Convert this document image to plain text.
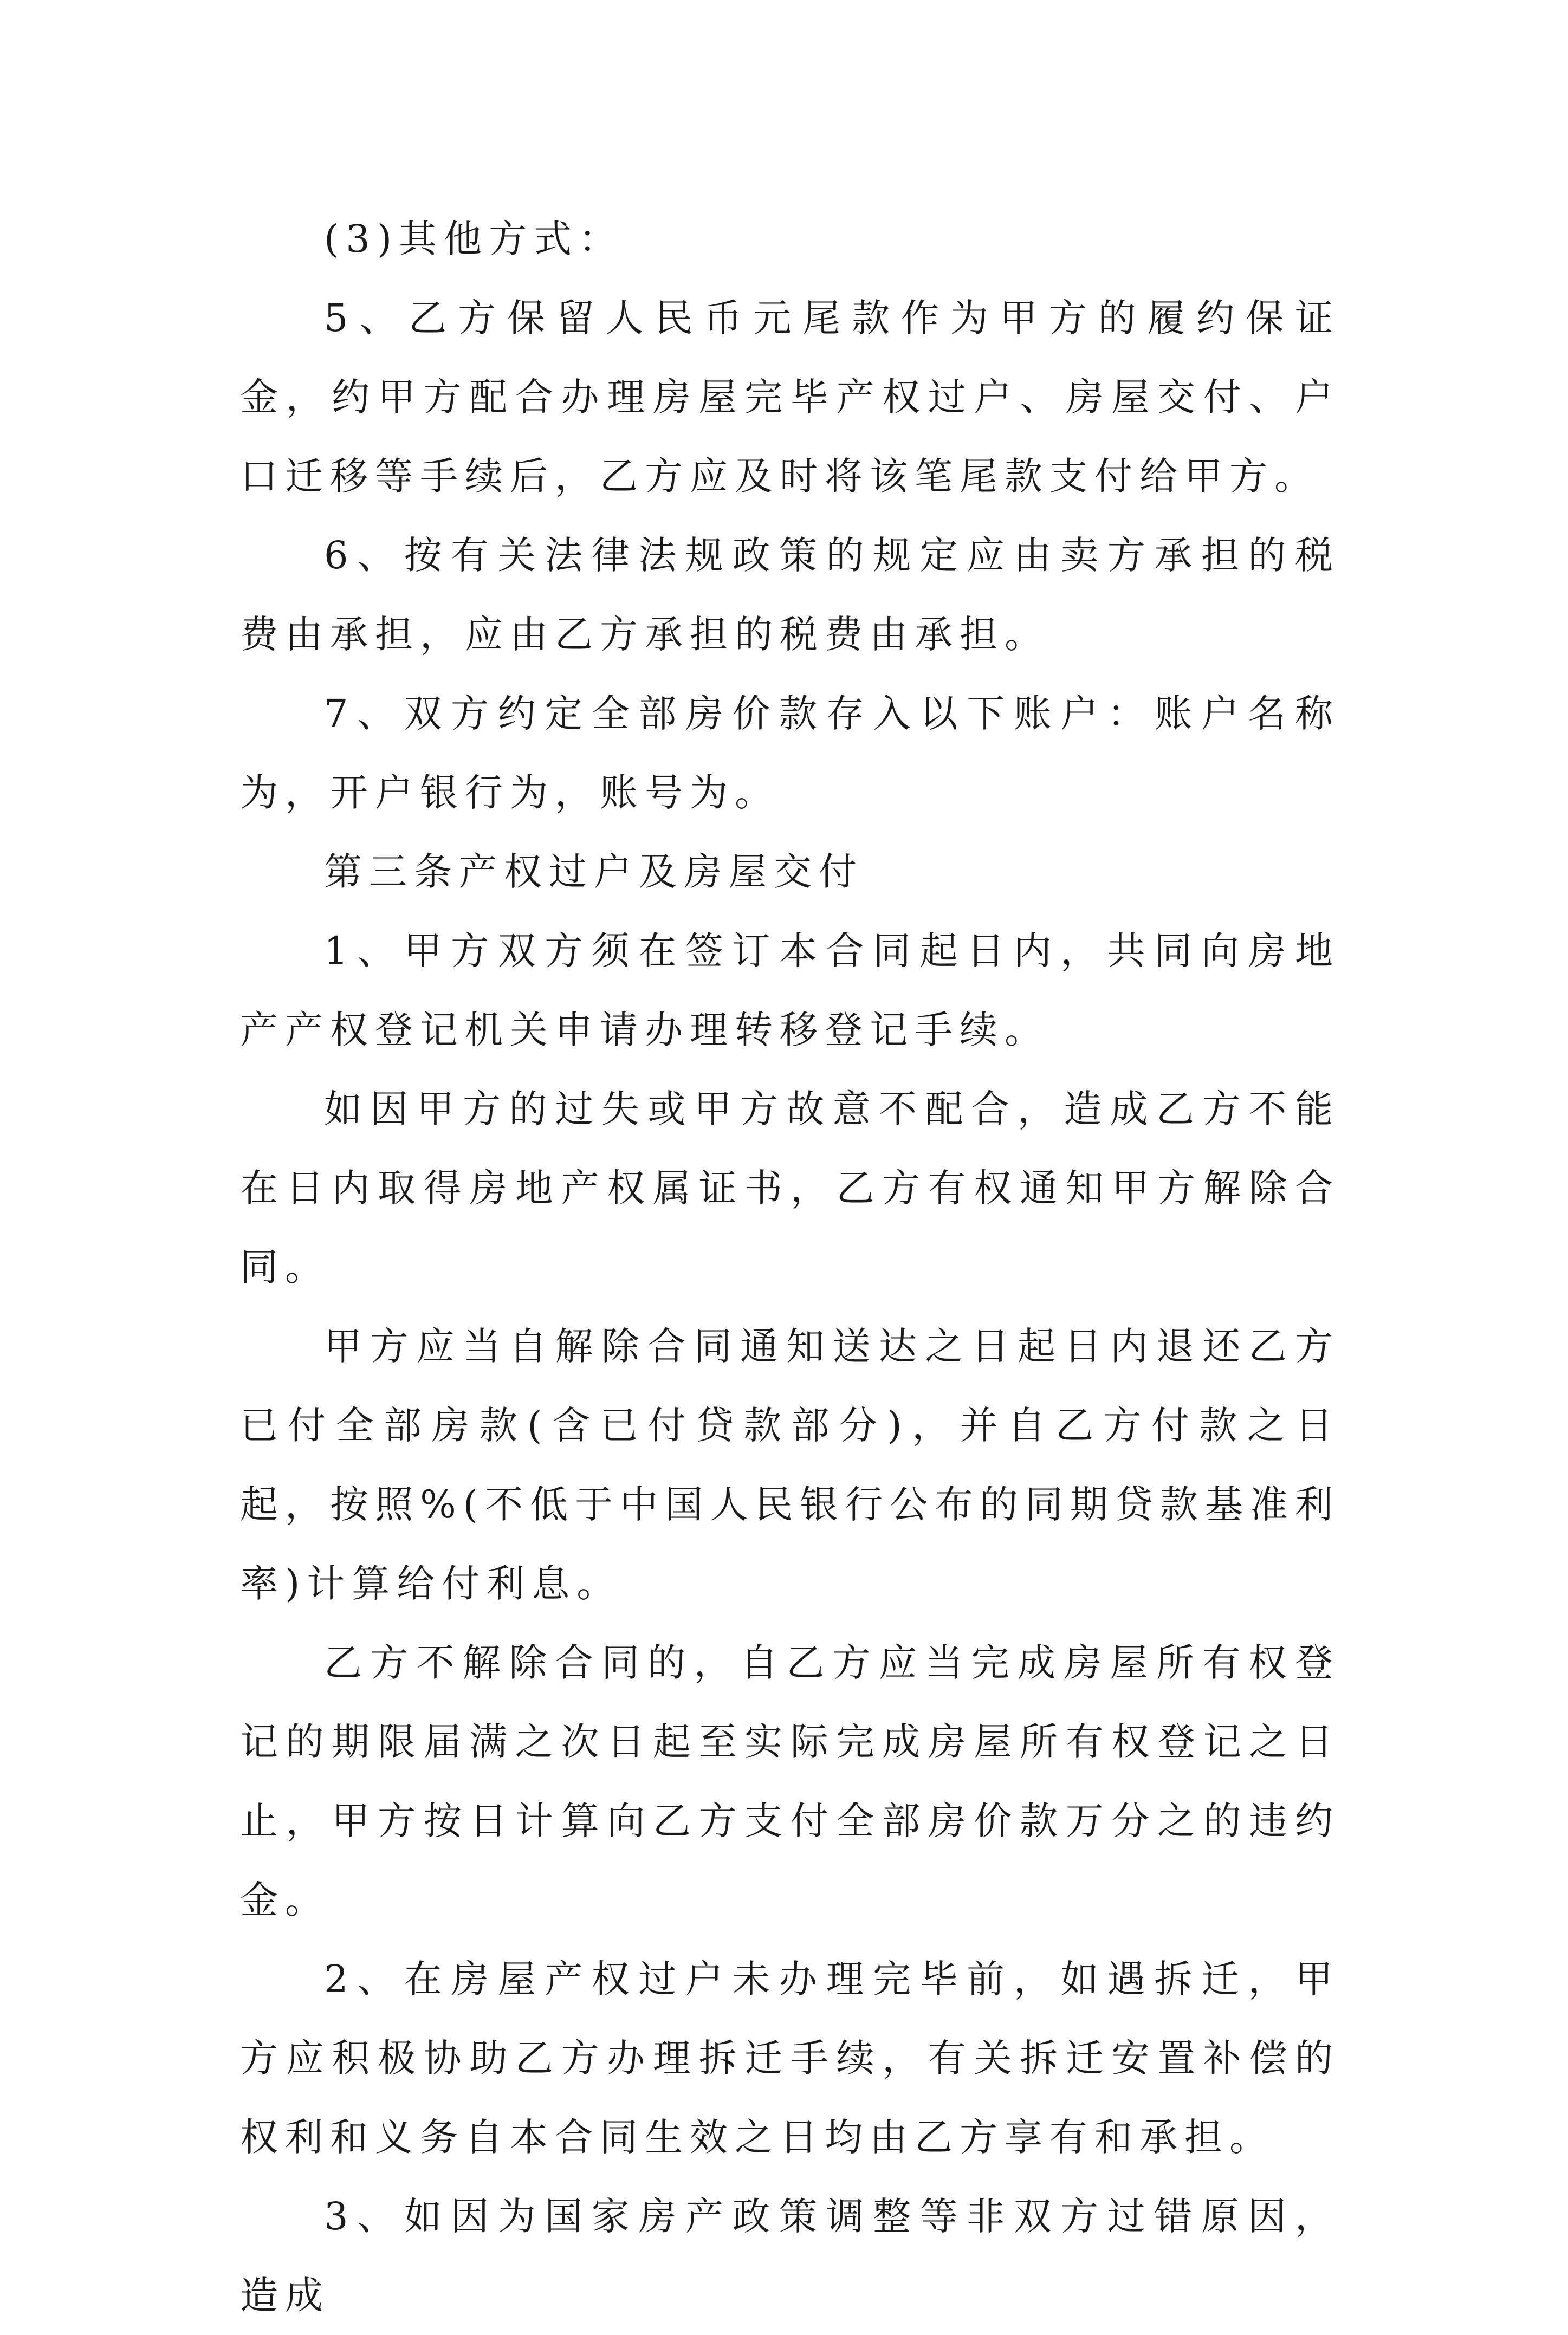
(3)其他方式：

5、乙方保留人民币元尾款作为甲方的履约保证金，约甲方配合办理房屋完毕产权过户、房屋交付、户口迁移等手续后，乙方应及时将该笔尾款支付给甲方。

6、按有关法律法规政策的规定应由卖方承担的税费由承担，应由乙方承担的税费由承担。

7、双方约定全部房价款存入以下账户：账户名称为，开户银行为，账号为。

第三条产权过户及房屋交付

1、甲方双方须在签订本合同起日内，共同向房地产产权登记机关申请办理转移登记手续。

如因甲方的过失或甲方故意不配合，造成乙方不能在日内取得房地产权属证书，乙方有权通知甲方解除合同。

甲方应当自解除合同通知送达之日起日内退还乙方已付全部房款(含已付贷款部分)，并自乙方付款之日起，按照%(不低于中国人民银行公布的同期贷款基准利率)计算给付利息。

乙方不解除合同的，自乙方应当完成房屋所有权登记的期限届满之次日起至实际完成房屋所有权登记之日止，甲方按日计算向乙方支付全部房价款万分之的违约金。

2、在房屋产权过户未办理完毕前，如遇拆迁，甲方应积极协助乙方办理拆迁手续，有关拆迁安置补偿的权利和义务自本合同生效之日均由乙方享有和承担。

3、如因为国家房产政策调整等非双方过错原因，造成
